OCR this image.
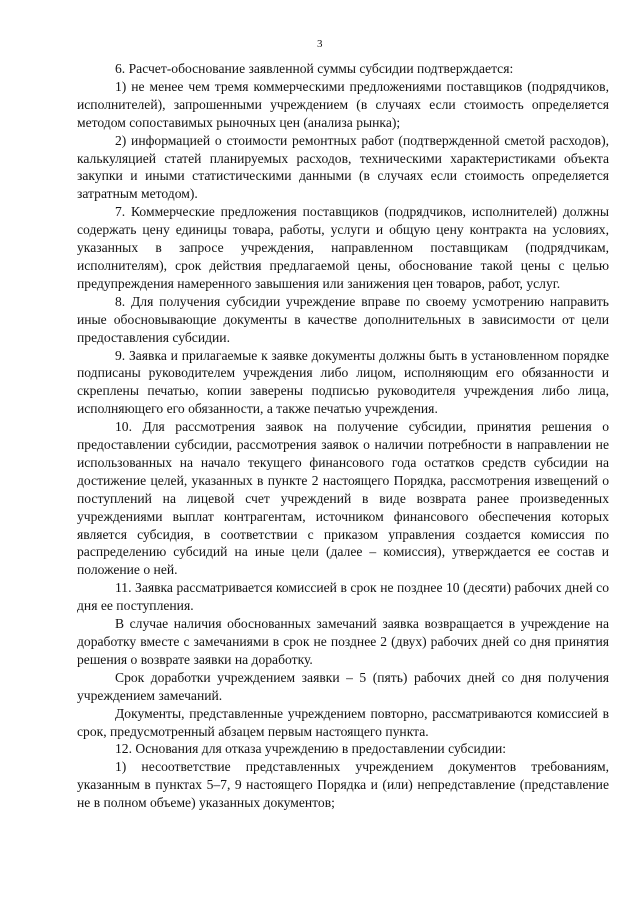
3

6. Расчет-обоснование заявленной суммы субсидии подтверждается:

1) не менее чем тремя коммерческими предложениями поставщиков (подрядчиков, исполнителей), запрошенными учреждением (в случаях если стоимость определяется методом сопоставимых рыночных цен (анализа рынка);

2) информацией о стоимости ремонтных работ (подтвержденной сметой расходов), калькуляцией статей планируемых расходов, техническими характеристиками объекта закупки и иными статистическими данными (в случаях если стоимость определяется затратным методом).

7. Коммерческие предложения поставщиков (подрядчиков, исполнителей) должны содержать цену единицы товара, работы, услуги и общую цену контракта на условиях, указанных в запросе учреждения, направленном поставщикам (подрядчикам, исполнителям), срок действия предлагаемой цены, обоснование такой цены с целью предупреждения намеренного завышения или занижения цен товаров, работ, услуг.

8. Для получения субсидии учреждение вправе по своему усмотрению направить иные обосновывающие документы в качестве дополнительных в зависимости от цели предоставления субсидии.

9. Заявка и прилагаемые к заявке документы должны быть в установленном порядке подписаны руководителем учреждения либо лицом, исполняющим его обязанности и скреплены печатью, копии заверены подписью руководителя учреждения либо лица, исполняющего его обязанности, а также печатью учреждения.

10. Для рассмотрения заявок на получение субсидии, принятия решения о предоставлении субсидии, рассмотрения заявок о наличии потребности в направлении не использованных на начало текущего финансового года остатков средств субсидии на достижение целей, указанных в пункте 2 настоящего Порядка, рассмотрения извещений о поступлений на лицевой счет учреждений в виде возврата ранее произведенных учреждениями выплат контрагентам, источником финансового обеспечения которых является субсидия, в соответствии с приказом управления создается комиссия по распределению субсидий на иные цели (далее – комиссия), утверждается ее состав и положение о ней.

11. Заявка рассматривается комиссией в срок не позднее 10 (десяти) рабочих дней со дня ее поступления.

В случае наличия обоснованных замечаний заявка возвращается в учреждение на доработку вместе с замечаниями в срок не позднее 2 (двух) рабочих дней со дня принятия решения о возврате заявки на доработку.

Срок доработки учреждением заявки – 5 (пять) рабочих дней со дня получения учреждением замечаний.

Документы, представленные учреждением повторно, рассматриваются комиссией в срок, предусмотренный абзацем первым настоящего пункта.

12. Основания для отказа учреждению в предоставлении субсидии:

1) несоответствие представленных учреждением документов требованиям, указанным в пунктах 5–7, 9 настоящего Порядка и (или) непредставление (представление не в полном объеме) указанных документов;
